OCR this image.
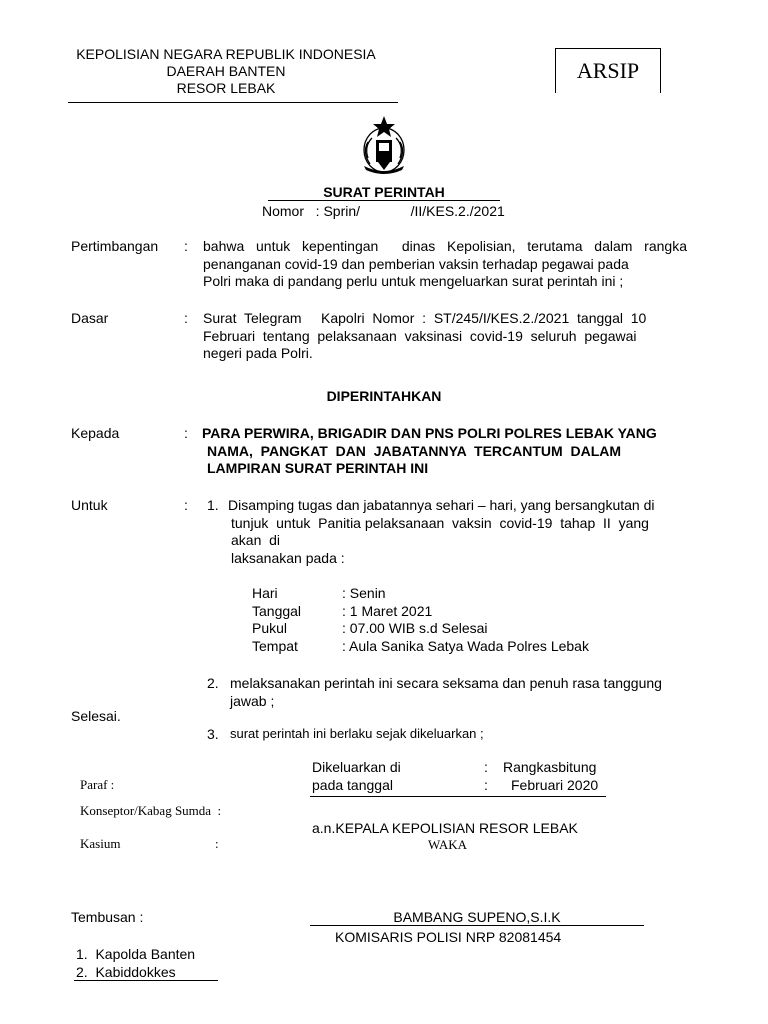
KEPOLISIAN NEGARA REPUBLIK INDONESIA
DAERAH BANTEN
RESOR LEBAK
ARSIP
SURAT PERINTAH
Nomor   : Sprin/             /II/KES.2./2021
Pertimbangan : bahwa untuk kepentingan  dinas Kepolisian, terutama dalam rangka
penanganan covid-19 dan pemberian vaksin terhadap pegawai pada
Polri maka di pandang perlu untuk mengeluarkan surat perintah ini ;
Dasar	: Surat  Telegram     Kapolri  Nomor  :  ST/245/I/KES.2./2021  tanggal  10
Februari  tentang  pelaksanaan  vaksinasi  covid-19  seluruh  pegawai
negeri pada Polri.
DIPERINTAHKAN
Kepada	: PARA PERWIRA, BRIGADIR DAN PNS POLRI POLRES LEBAK YANG
NAMA,  PANGKAT  DAN  JABATANNYA  TERCANTUM  DALAM
LAMPIRAN SURAT PERINTAH INI
Untuk	: 1. Disamping tugas dan jabatannya sehari – hari, yang bersangkutan di
tunjuk  untuk  Panitia pelaksanaan  vaksin  covid-19  tahap  II  yang
akan  di
laksanakan pada :
Hari	: Senin
Tanggal	: 1 Maret 2021
Pukul	: 07.00 WIB s.d Selesai
Tempat	: Aula Sanika Satya Wada Polres Lebak
2. melaksanakan perintah ini secara seksama dan penuh rasa tanggung
jawab ;
Selesai.
3. surat perintah ini berlaku sejak dikeluarkan ;
Paraf :
Konseptor/Kabag Sumda  :
Kasium	:
Dikeluarkan di	: Rangkasbitung
pada tanggal	: Februari 2020
a.n.KEPALA KEPOLISIAN RESOR LEBAK
WAKA
BAMBANG SUPENO,S.I.K
KOMISARIS POLISI NRP 82081454
Tembusan :
1.  Kapolda Banten
2.  Kabiddokkes
